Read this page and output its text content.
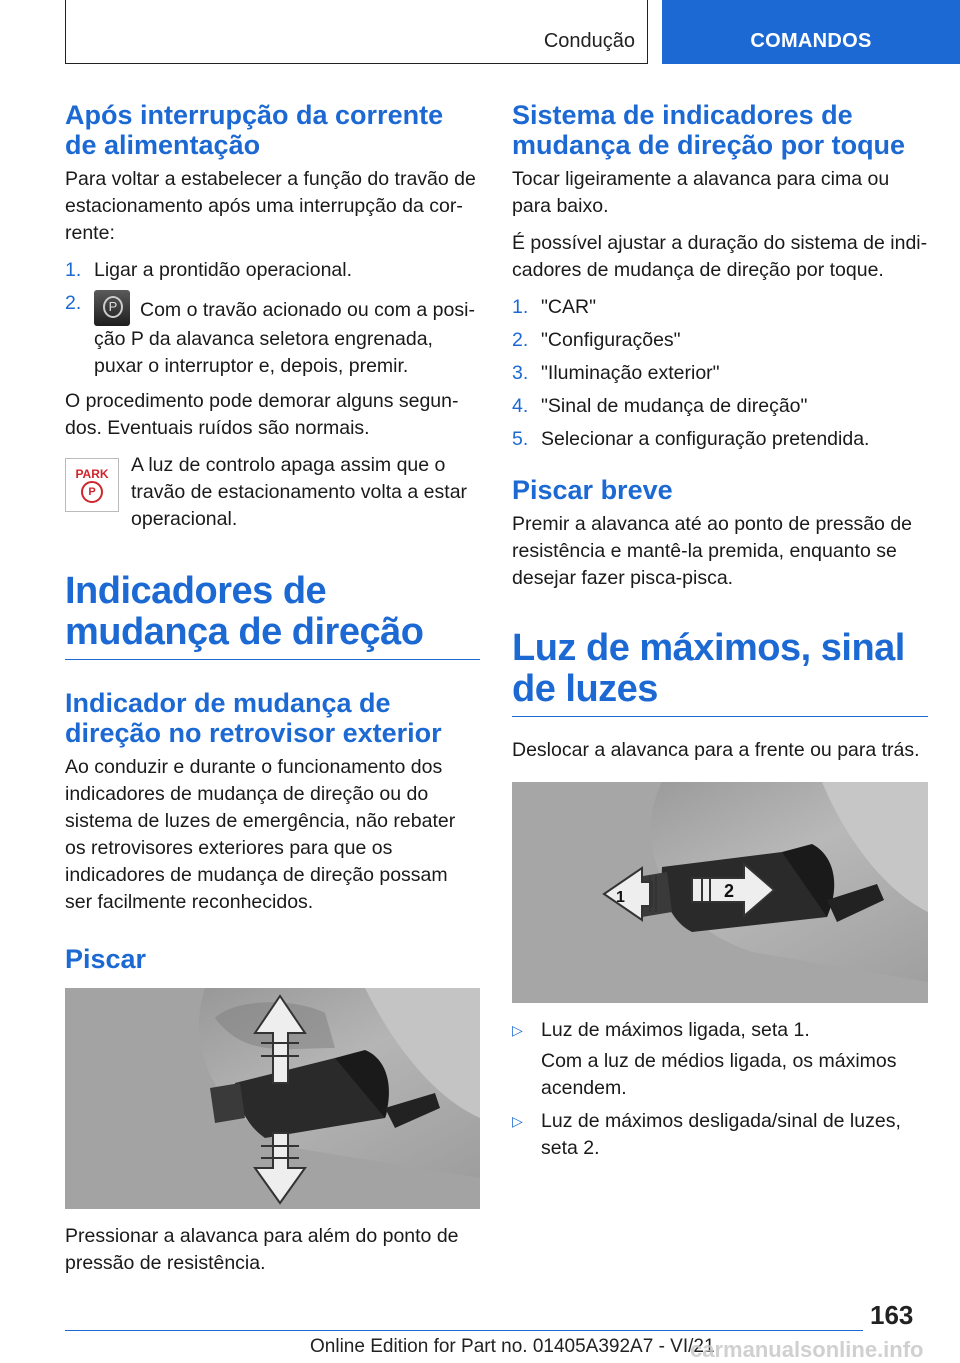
Condução	COMANDOS
Após interrupção da corrente de alimentação

Para voltar a estabelecer a função do travão de estacionamento após uma interrupção da corrente:

1. Ligar a prontidão operacional.
2.
P	Com o travão acionado ou com a posição P da alavanca seletora engrenada, puxar o interruptor e, depois, premir.

O procedimento pode demorar alguns segundos. Eventuais ruídos são normais.

PARK
P

A luz de controlo apaga assim que o travão de estacionamento volta a estar operacional.

Indicadores de mudança de direção
Indicador de mudança de direção no retrovisor exterior

Ao conduzir e durante o funcionamento dos indicadores de mudança de direção ou do sistema de luzes de emergência, não rebater os retrovisores exteriores para que os indicadores de mudança de direção possam ser facilmente reconhecidos.

Piscar

Pressionar a alavanca para além do ponto de pressão de resistência.

Sistema de indicadores de mudança de direção por toque

Tocar ligeiramente a alavanca para cima ou para baixo.

É possível ajustar a duração do sistema de indicadores de mudança de direção por toque.

1. "CAR"
2. "Configurações"
3. "Iluminação exterior"
4. "Sinal de mudança de direção"
5. Selecionar a configuração pretendida.
Piscar breve

Premir a alavanca até ao ponto de pressão de resistência e mantê-la premida, enquanto se desejar fazer pisca-pisca.

Luz de máximos, sinal de luzes

Deslocar a alavanca para a frente ou para trás.

1	2
▷ Luz de máximos ligada, seta 1.
Com a luz de médios ligada, os máximos acendem.
▷ Luz de máximos desligada/sinal de luzes, seta 2.
163
Online Edition for Part no. 01405A392A7 - VI/21
carmanualsonline.info
